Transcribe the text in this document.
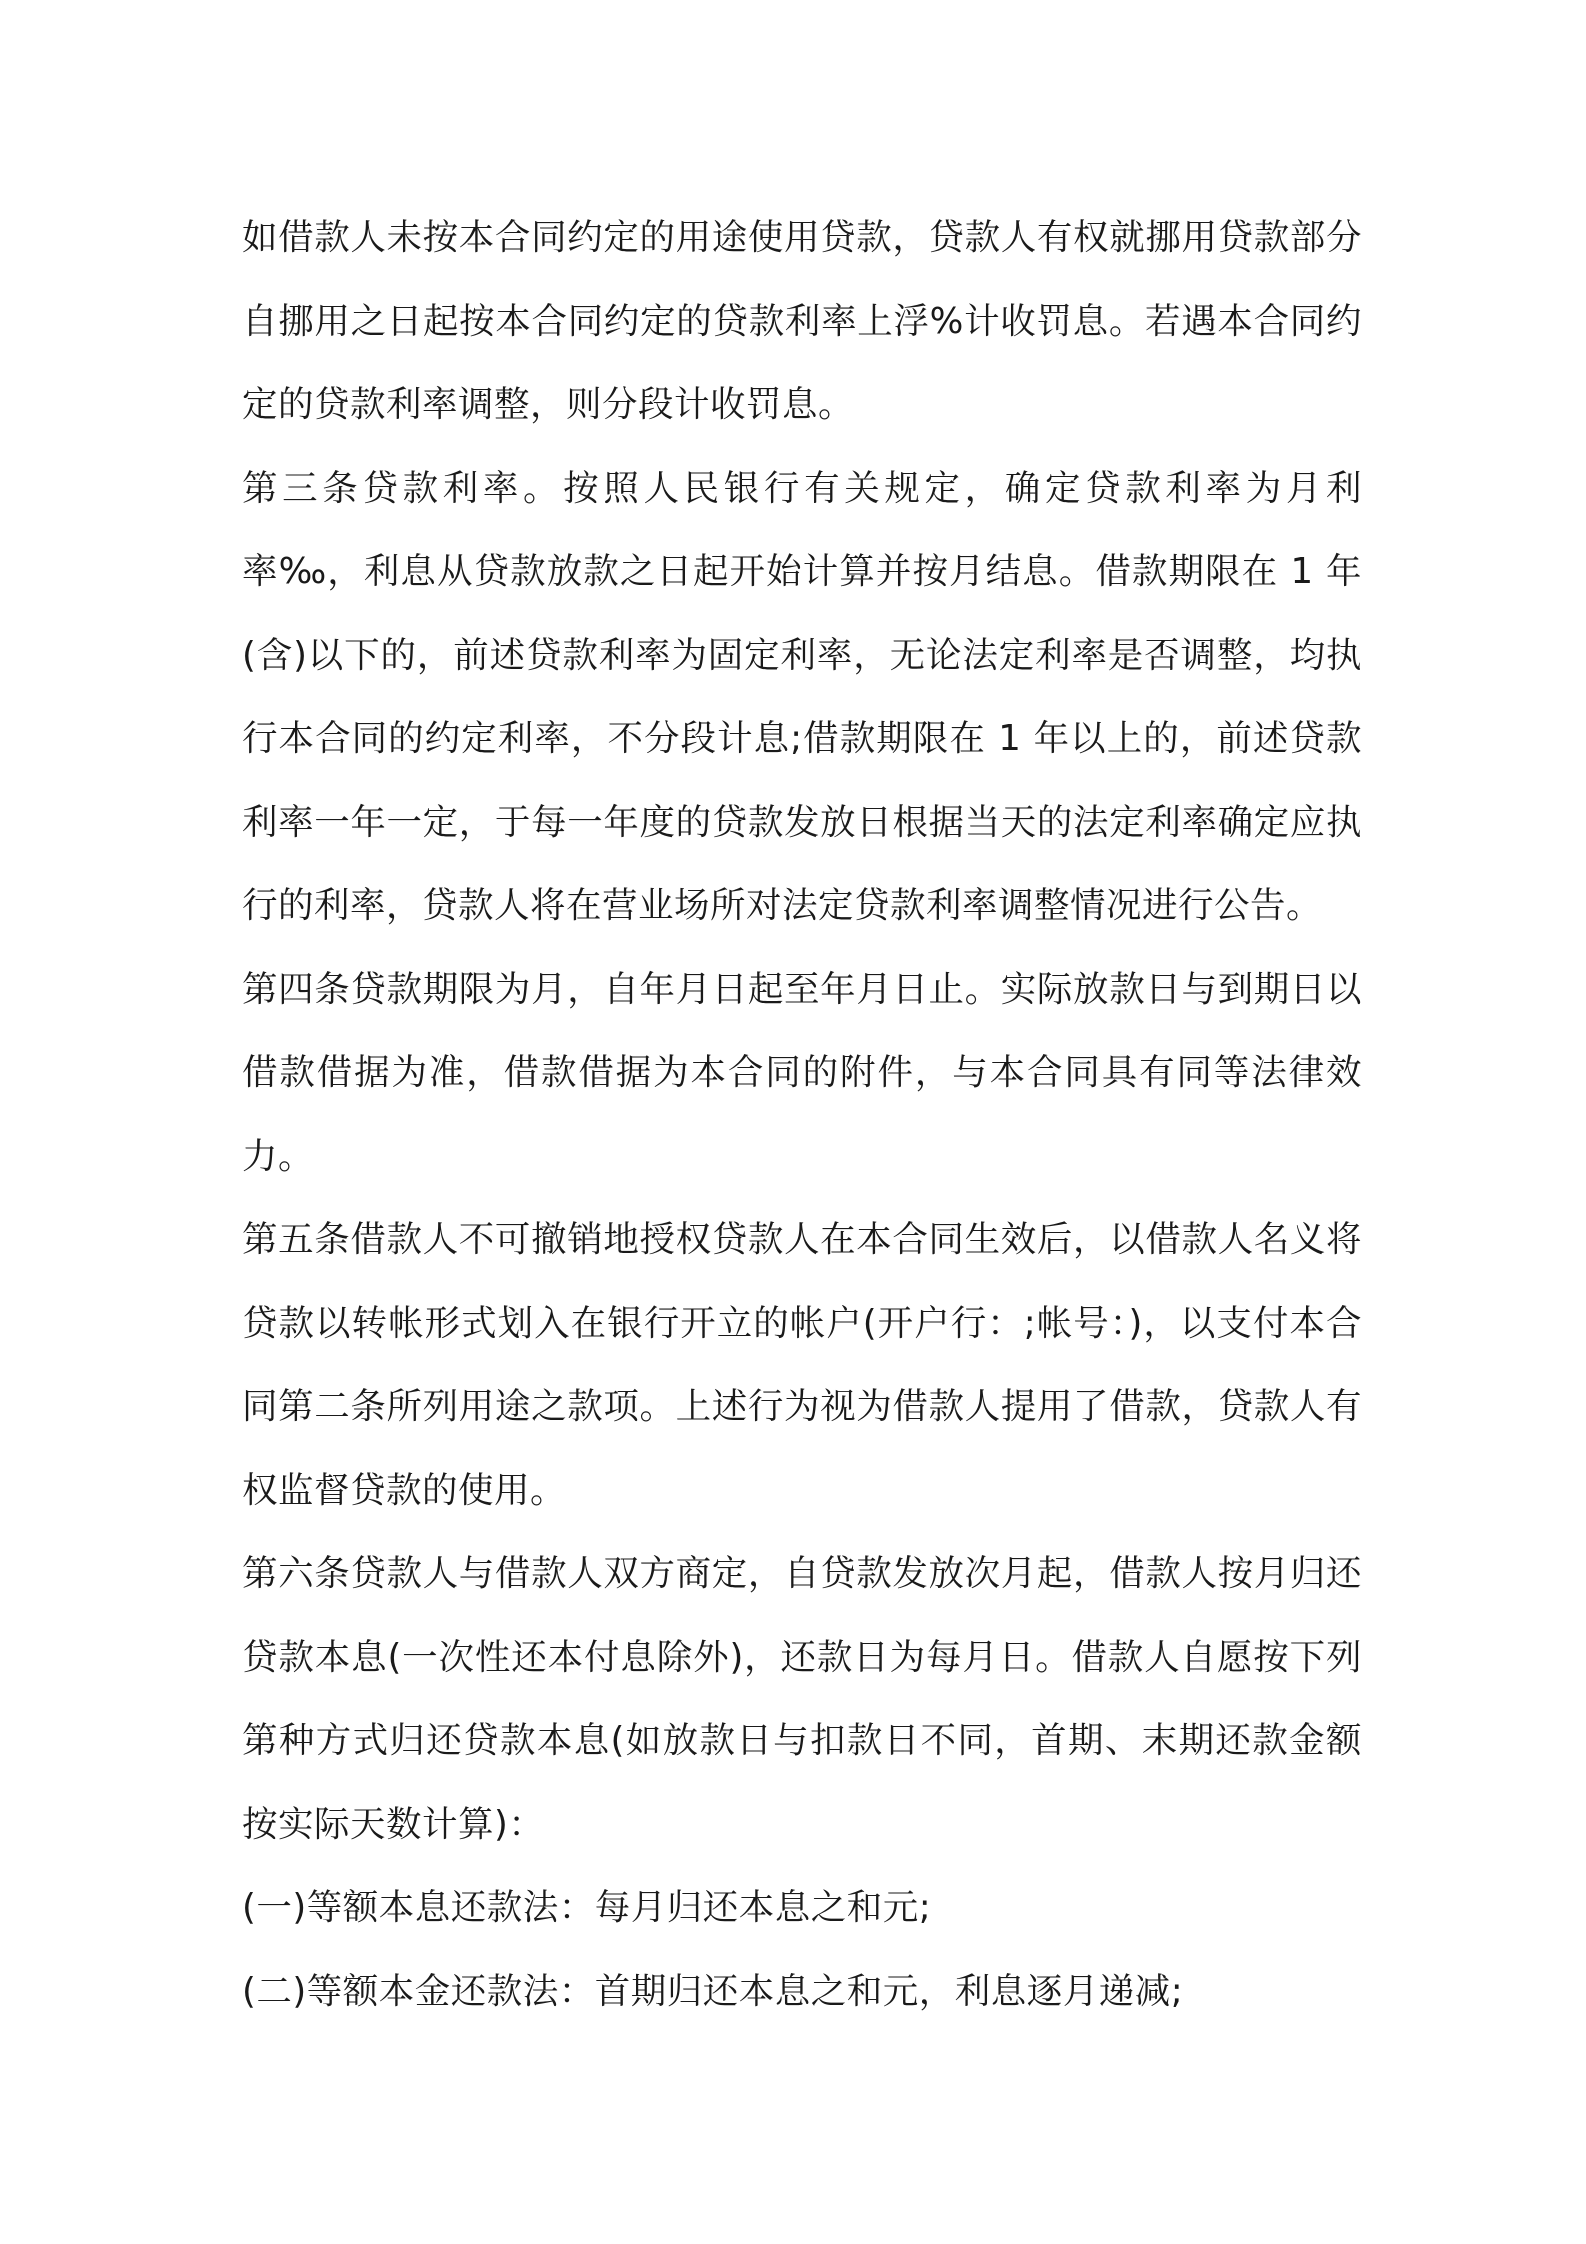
如借款人未按本合同约定的用途使用贷款，贷款人有权就挪用贷款部分自挪用之日起按本合同约定的贷款利率上浮%计收罚息。若遇本合同约定的贷款利率调整，则分段计收罚息。

第三条贷款利率。按照人民银行有关规定，确定贷款利率为月利率‰，利息从贷款放款之日起开始计算并按月结息。借款期限在 1 年(含)以下的，前述贷款利率为固定利率，无论法定利率是否调整，均执行本合同的约定利率，不分段计息;借款期限在 1 年以上的，前述贷款利率一年一定，于每一年度的贷款发放日根据当天的法定利率确定应执行的利率，贷款人将在营业场所对法定贷款利率调整情况进行公告。

第四条贷款期限为月，自年月日起至年月日止。实际放款日与到期日以借款借据为准，借款借据为本合同的附件，与本合同具有同等法律效力。

第五条借款人不可撤销地授权贷款人在本合同生效后，以借款人名义将贷款以转帐形式划入在银行开立的帐户(开户行：;帐号：)，以支付本合同第二条所列用途之款项。上述行为视为借款人提用了借款，贷款人有权监督贷款的使用。

第六条贷款人与借款人双方商定，自贷款发放次月起，借款人按月归还贷款本息(一次性还本付息除外)，还款日为每月日。借款人自愿按下列第种方式归还贷款本息(如放款日与扣款日不同，首期、末期还款金额按实际天数计算)：

(一)等额本息还款法：每月归还本息之和元;

(二)等额本金还款法：首期归还本息之和元，利息逐月递减;
